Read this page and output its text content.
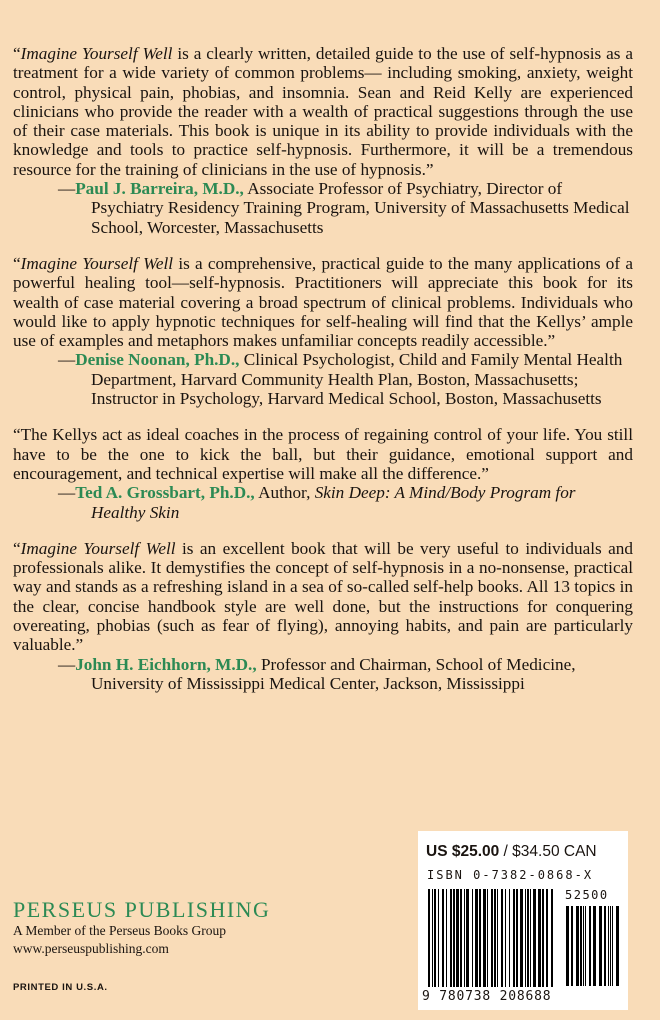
“Imagine Yourself Well is a clearly written, detailed guide to the use of self-hypnosis as a treatment for a wide variety of common problems— including smoking, anxiety, weight control, physical pain, phobias, and insomnia. Sean and Reid Kelly are experienced clinicians who provide the reader with a wealth of practical suggestions through the use of their case materials. This book is unique in its ability to provide individuals with the knowledge and tools to practice self-hypnosis. Furthermore, it will be a tremendous resource for the training of clinicians in the use of hypnosis.”

—Paul J. Barreira, M.D., Associate Professor of Psychiatry, Director of Psychiatry Residency Training Program, University of Massachusetts Medical School, Worcester, Massachusetts

“Imagine Yourself Well is a comprehensive, practical guide to the many applications of a powerful healing tool—self-hypnosis. Practitioners will appreciate this book for its wealth of case material covering a broad spectrum of clinical problems. Individuals who would like to apply hypnotic techniques for self-healing will find that the Kellys’ ample use of examples and metaphors makes unfamiliar concepts readily accessible.”

—Denise Noonan, Ph.D., Clinical Psychologist, Child and Family Mental Health Department, Harvard Community Health Plan, Boston, Massachusetts; Instructor in Psychology, Harvard Medical School, Boston, Massachusetts

“The Kellys act as ideal coaches in the process of regaining control of your life. You still have to be the one to kick the ball, but their guidance, emotional support and encouragement, and technical expertise will make all the difference.”

—Ted A. Grossbart, Ph.D., Author, Skin Deep: A Mind/Body Program for Healthy Skin

“Imagine Yourself Well is an excellent book that will be very useful to individuals and professionals alike. It demystifies the concept of self-hypnosis in a no-nonsense, practical way and stands as a refreshing island in a sea of so-called self-help books. All 13 topics in the clear, concise handbook style are well done, but the instructions for conquering overeating, phobias (such as fear of flying), annoying habits, and pain are particularly valuable.”

—John H. Eichhorn, M.D., Professor and Chairman, School of Medicine, University of Mississippi Medical Center, Jackson, Mississippi

PERSEUS PUBLISHING
A Member of the Perseus Books Group
www.perseuspublishing.com
PRINTED IN U.S.A.
US $25.00 / $34.50 CAN
ISBN 0-7382-0868-X
52500
9 780738 208688
